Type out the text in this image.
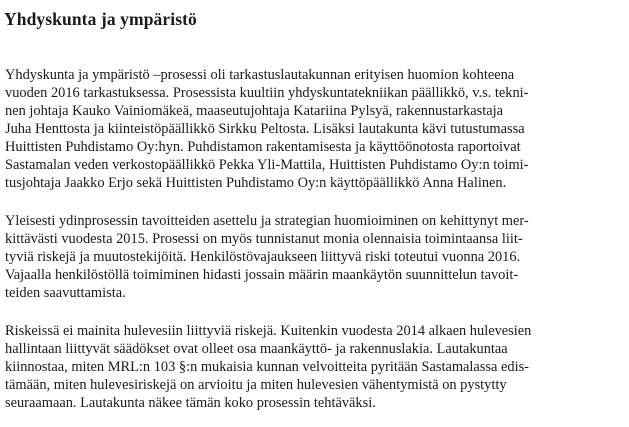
Yhdyskunta ja ympäristö
Yhdyskunta ja ympäristö –prosessi oli tarkastuslautakunnan erityisen huomion kohteena
vuoden 2016 tarkastuksessa. Prosessista kuultiin yhdyskuntatekniikan päällikkö, v.s. tekni-
nen johtaja Kauko Vainiomäkeä, maaseutujohtaja Katariina Pylsyä, rakennustarkastaja
Juha Henttosta ja kiinteistöpäällikkö Sirkku Peltosta. Lisäksi lautakunta kävi tutustumassa
Huittisten Puhdistamo Oy:hyn. Puhdistamon rakentamisesta ja käyttöönotosta raportoivat
Sastamalan veden verkostopäällikkö Pekka Yli-Mattila, Huittisten Puhdistamo Oy:n toimi-
tusjohtaja Jaakko Erjo sekä Huittisten Puhdistamo Oy:n käyttöpäällikkö Anna Halinen.
Yleisesti ydinprosessin tavoitteiden asettelu ja strategian huomioiminen on kehittynyt mer-
kittävästi vuodesta 2015. Prosessi on myös tunnistanut monia olennaisia toimintaansa liit-
tyviä riskejä ja muutostekijöitä. Henkilöstövajaukseen liittyvä riski toteutui vuonna 2016.
Vajaalla henkilöstöllä toimiminen hidasti jossain määrin maankäytön suunnittelun tavoit-
teiden saavuttamista.
Riskeissä ei mainita hulevesiin liittyviä riskejä. Kuitenkin vuodesta 2014 alkaen hulevesien
hallintaan liittyvät säädökset ovat olleet osa maankäyttö- ja rakennuslakia. Lautakuntaa
kiinnostaa, miten MRL:n 103 §:n mukaisia kunnan velvoitteita pyritään Sastamalassa edis-
tämään, miten hulevesiriskejä on arvioitu ja miten hulevesien vähentymistä on pystytty
seuraamaan. Lautakunta näkee tämän koko prosessin tehtäväksi.
